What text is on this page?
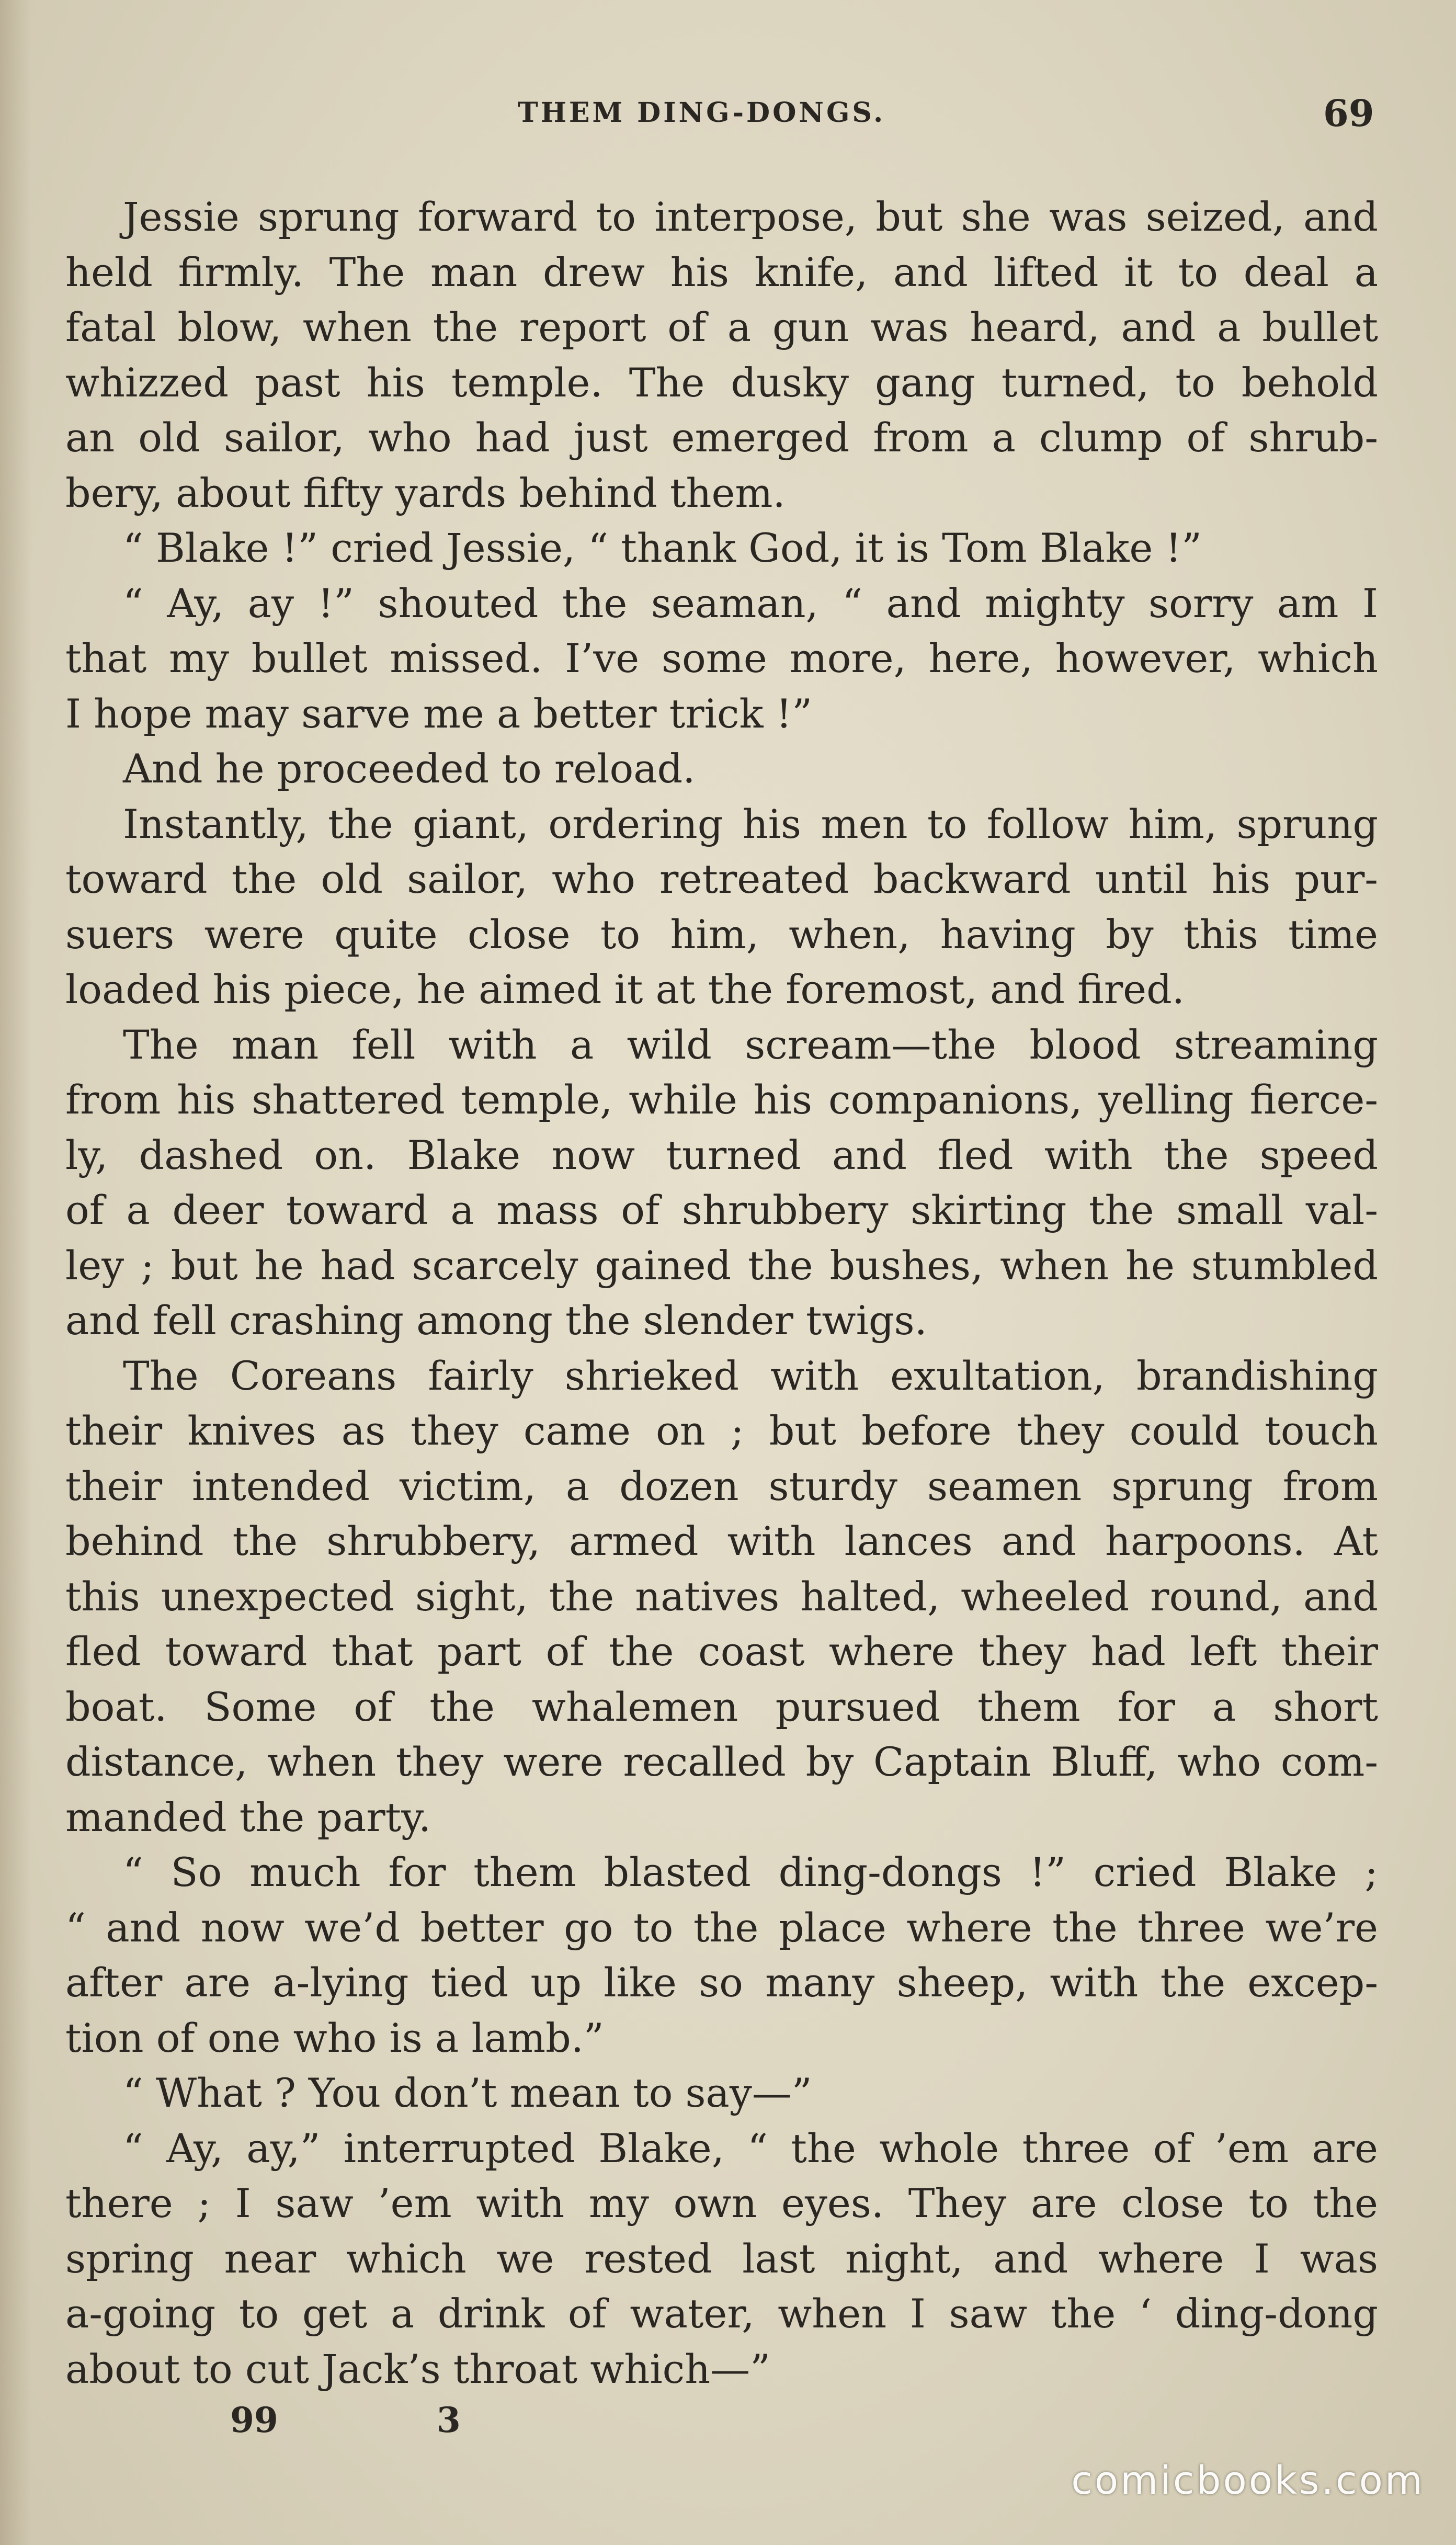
THEM DING-DONGS.	69
Jessie sprung forward to interpose, but she was seized, and
held firmly. The man drew his knife, and lifted it to deal a
fatal blow, when the report of a gun was heard, and a bullet
whizzed past his temple. The dusky gang turned, to behold
an old sailor, who had just emerged from a clump of shrub-
bery, about fifty yards behind them.
“ Blake !” cried Jessie, “ thank God, it is Tom Blake !”
“ Ay, ay !” shouted the seaman, “ and mighty sorry am I
that my bullet missed. I’ve some more, here, however, which
I hope may sarve me a better trick !”
And he proceeded to reload.
Instantly, the giant, ordering his men to follow him, sprung
toward the old sailor, who retreated backward until his pur-
suers were quite close to him, when, having by this time
loaded his piece, he aimed it at the foremost, and fired.
The man fell with a wild scream—the blood streaming
from his shattered temple, while his companions, yelling fierce-
ly, dashed on. Blake now turned and fled with the speed
of a deer toward a mass of shrubbery skirting the small val-
ley ; but he had scarcely gained the bushes, when he stumbled
and fell crashing among the slender twigs.
The Coreans fairly shrieked with exultation, brandishing
their knives as they came on ; but before they could touch
their intended victim, a dozen sturdy seamen sprung from
behind the shrubbery, armed with lances and harpoons. At
this unexpected sight, the natives halted, wheeled round, and
fled toward that part of the coast where they had left their
boat. Some of the whalemen pursued them for a short
distance, when they were recalled by Captain Bluff, who com-
manded the party.
“ So much for them blasted ding-dongs !” cried Blake ;
“ and now we’d better go to the place where the three we’re
after are a-lying tied up like so many sheep, with the excep-
tion of one who is a lamb.”
“ What ? You don’t mean to say—”
“ Ay, ay,” interrupted Blake, “ the whole three of ’em are
there ; I saw ’em with my own eyes. They are close to the
spring near which we rested last night, and where I was
a-going to get a drink of water, when I saw the ‘ ding-dong
about to cut Jack’s throat which—”
99	3
comicbooks.com
